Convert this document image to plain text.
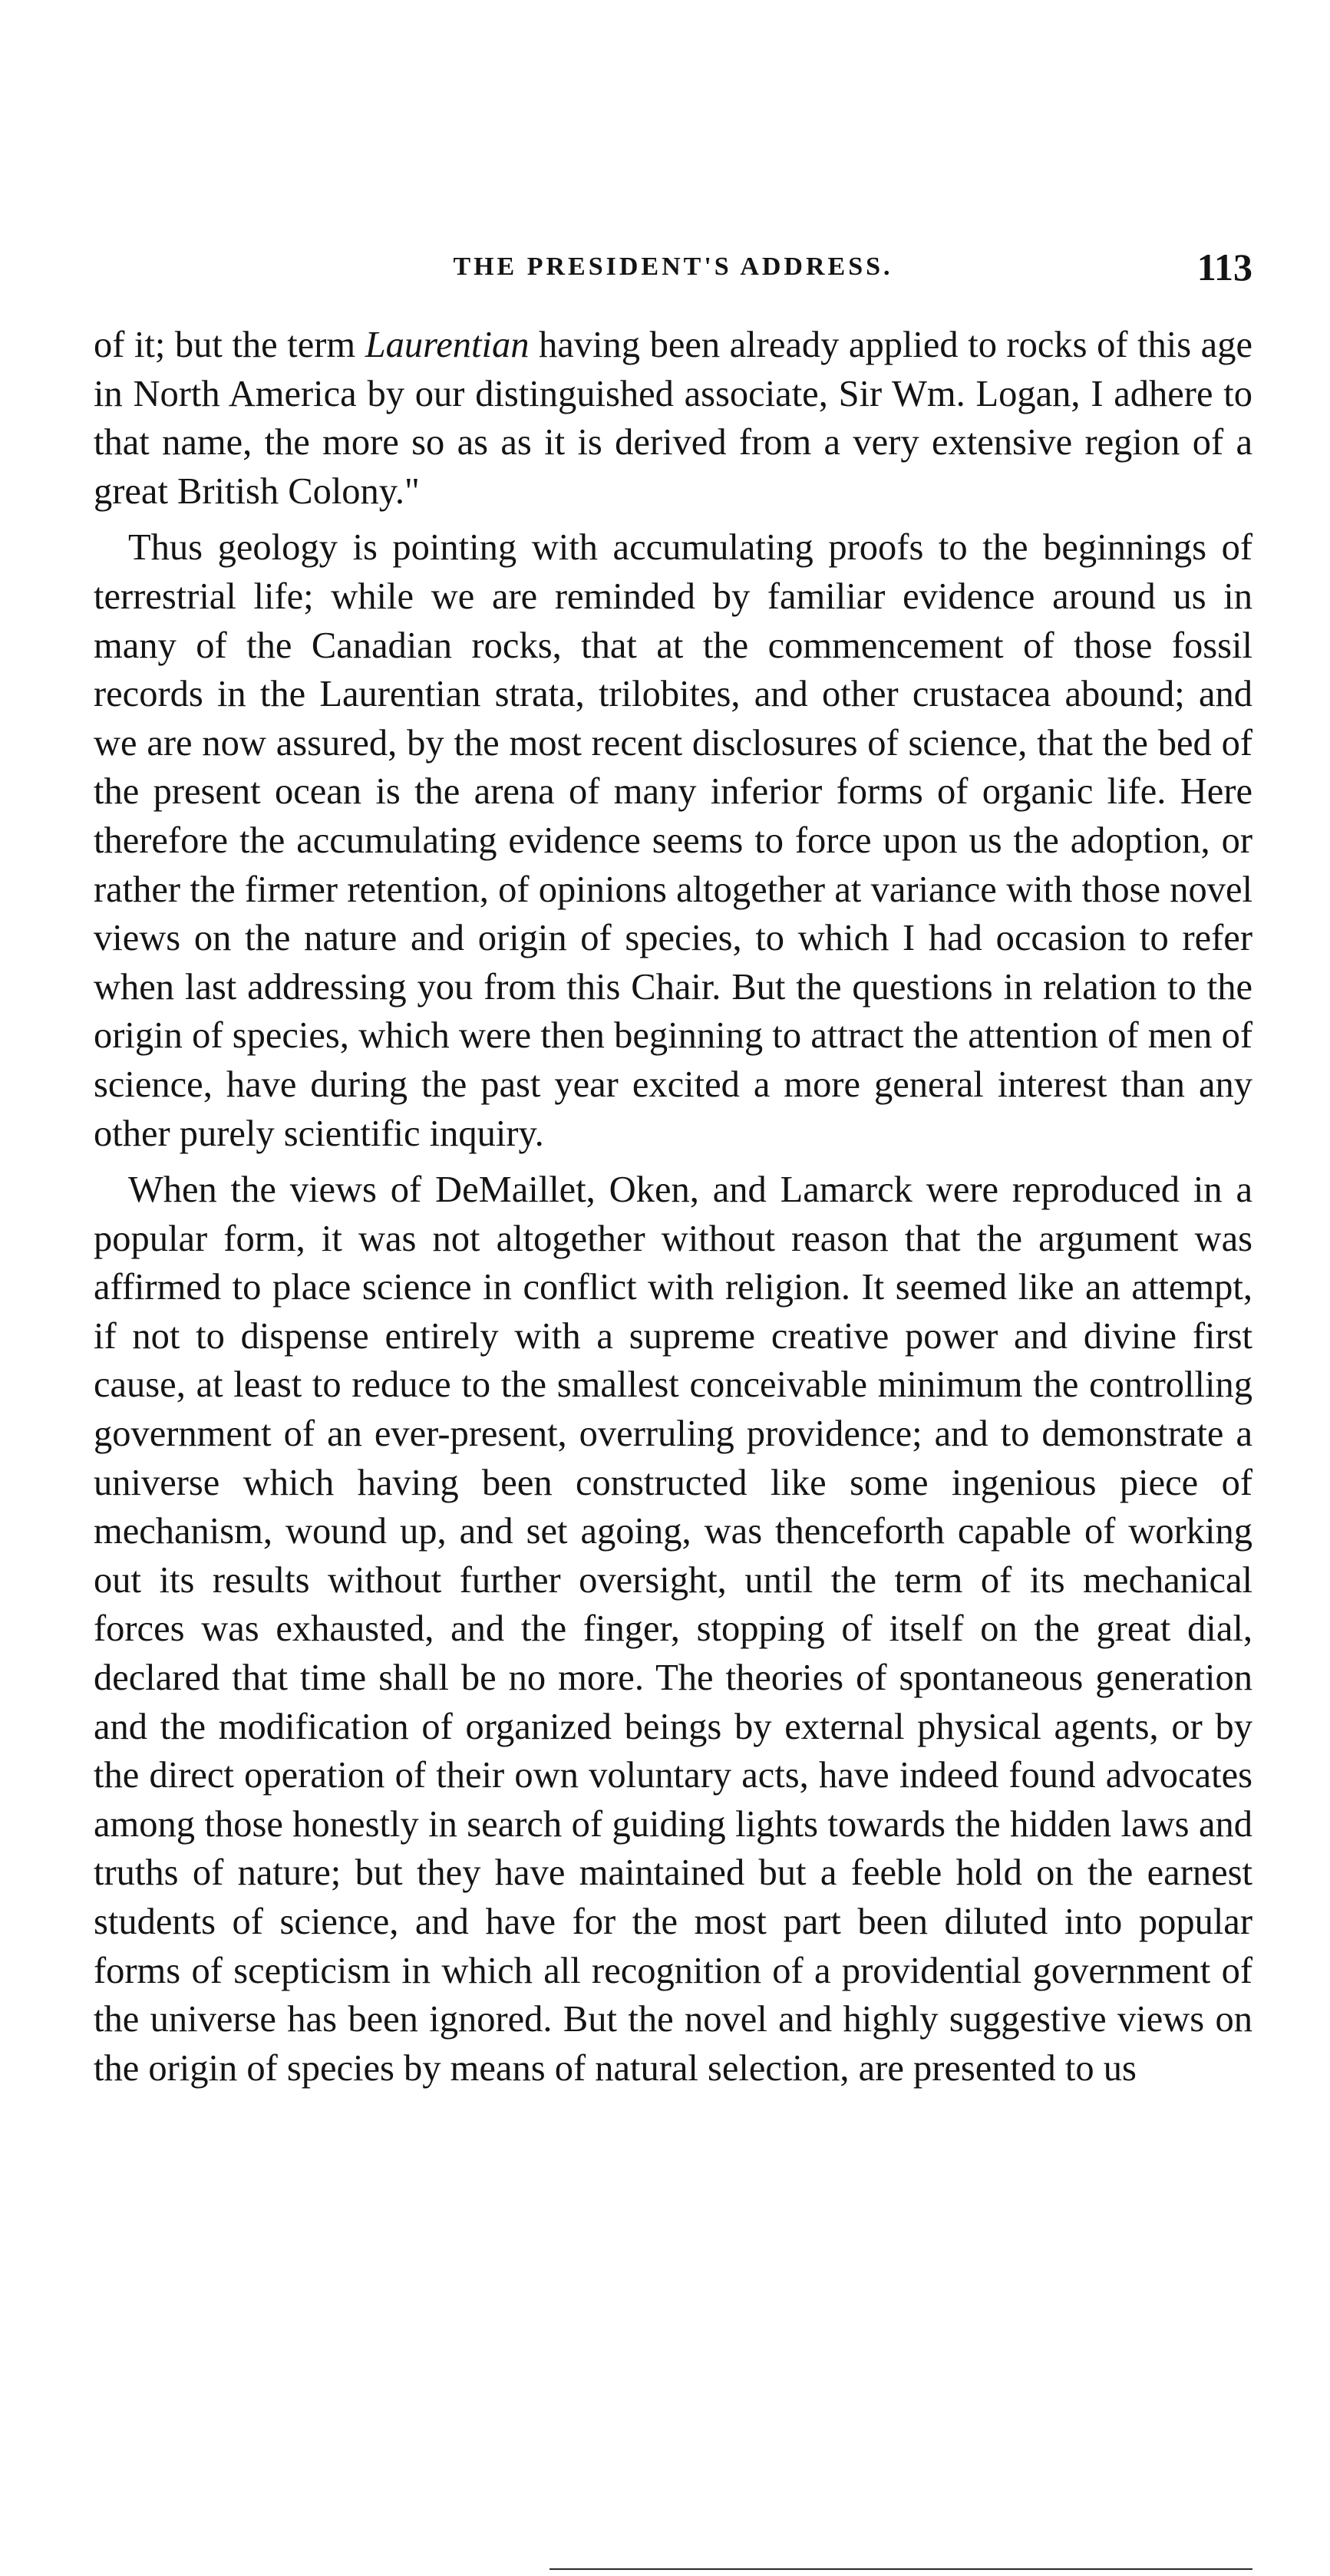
THE PRESIDENT'S ADDRESS.	113

of it; but the term Laurentian having been already applied to rocks of this age in North America by our distinguished associate, Sir Wm. Logan, I adhere to that name, the more so as as it is derived from a very extensive region of a great British Colony."

Thus geology is pointing with accumulating proofs to the beginnings of terrestrial life; while we are reminded by familiar evidence around us in many of the Canadian rocks, that at the commencement of those fossil records in the Laurentian strata, trilobites, and other crustacea abound; and we are now assured, by the most recent disclosures of science, that the bed of the present ocean is the arena of many inferior forms of organic life. Here therefore the accumulating evidence seems to force upon us the adoption, or rather the firmer retention, of opinions altogether at variance with those novel views on the nature and origin of species, to which I had occasion to refer when last addressing you from this Chair. But the questions in relation to the origin of species, which were then beginning to attract the attention of men of science, have during the past year excited a more general interest than any other purely scientific inquiry.

When the views of DeMaillet, Oken, and Lamarck were reproduced in a popular form, it was not altogether without reason that the argument was affirmed to place science in conflict with religion. It seemed like an attempt, if not to dispense entirely with a supreme creative power and divine first cause, at least to reduce to the smallest conceivable minimum the controlling government of an ever-present, overruling providence; and to demonstrate a universe which having been constructed like some ingenious piece of mechanism, wound up, and set agoing, was thenceforth capable of working out its results without further oversight, until the term of its mechanical forces was exhausted, and the finger, stopping of itself on the great dial, declared that time shall be no more. The theories of spontaneous generation and the modification of organized beings by external physical agents, or by the direct operation of their own voluntary acts, have indeed found advocates among those honestly in search of guiding lights towards the hidden laws and truths of nature; but they have maintained but a feeble hold on the earnest students of science, and have for the most part been diluted into popular forms of scepticism in which all recognition of a providential government of the universe has been ignored. But the novel and highly suggestive views on the origin of species by means of natural selection, are presented to us
